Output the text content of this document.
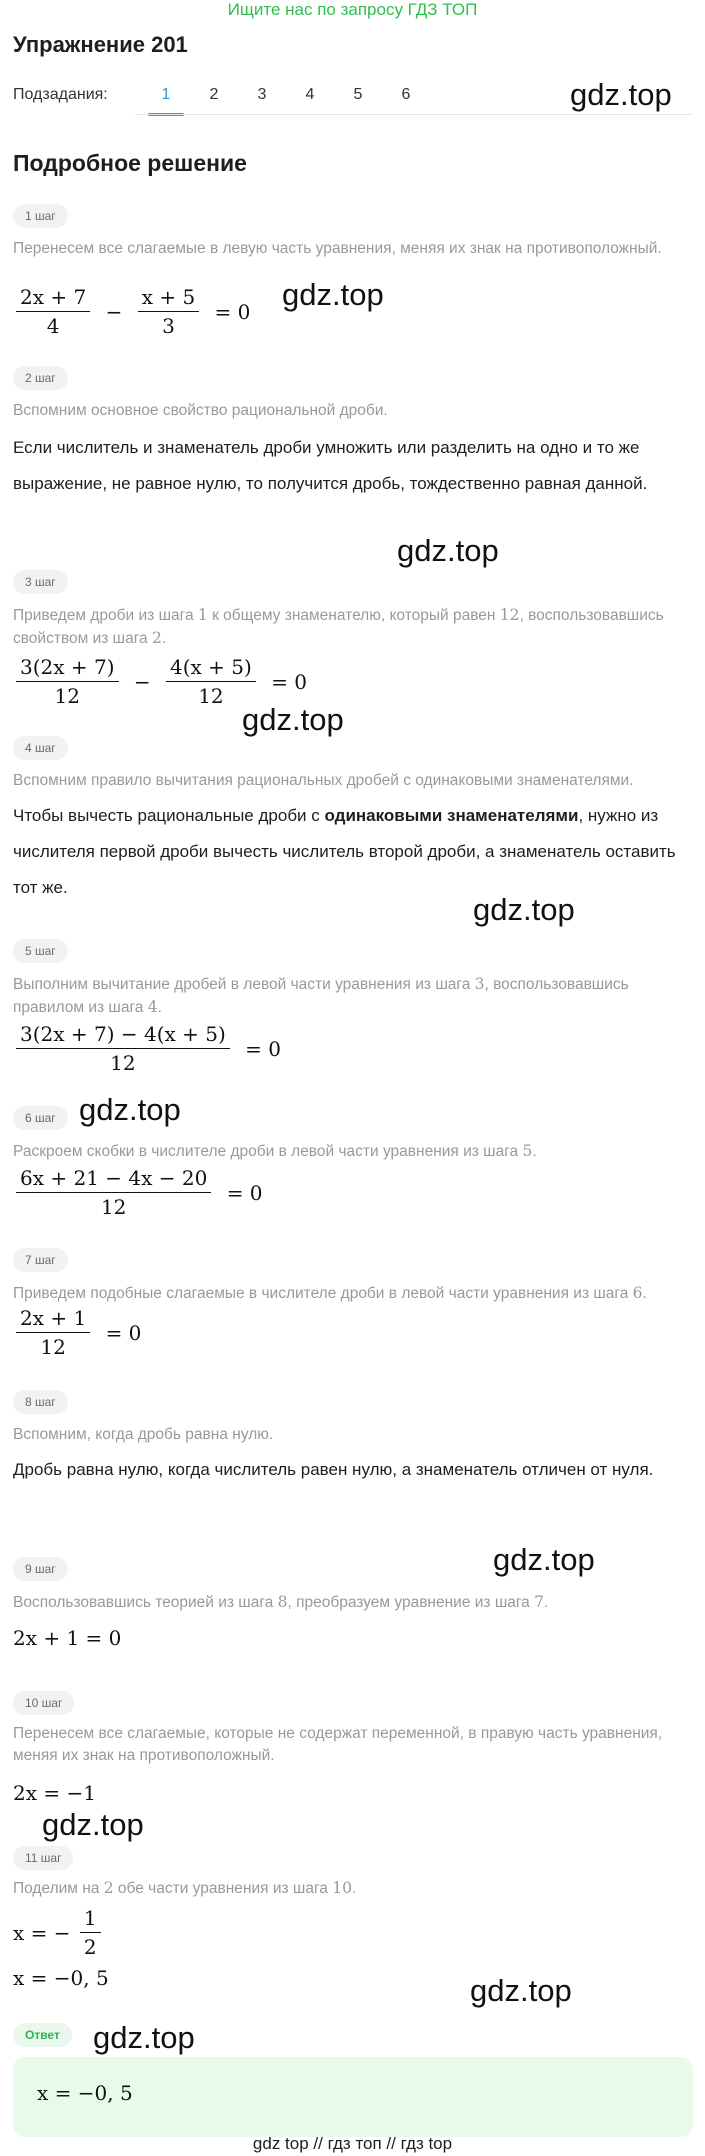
Ищите нас по запросу ГДЗ ТОП
Упражнение 201
Подзадания:	1	2	3	4	5	6	gdz.top
gdz.top
gdz.top
gdz.top
gdz.top
gdz.top
gdz.top
gdz.top
gdz.top
gdz.top
Подробное решение
1 шаг
Перенесем все слагаемые в левую часть уравнения, меняя их знак на противоположный.
$\frac{2x + 7}{4} - \frac{x + 5}{3} = 0$
2 шаг
Вспомним основное свойство рациональной дроби.
Если числитель и знаменатель дроби умножить или разделить на одно и то же выражение, не равное нулю, то получится дробь, тождественно равная данной.
3 шаг
Приведем дроби из шага 1 к общему знаменателю, который равен 12, воспользовавшись свойством из шага 2.
$\frac{3(2x + 7)}{12} - \frac{4(x + 5)}{12} = 0$
4 шаг
Вспомним правило вычитания рациональных дробей с одинаковыми знаменателями.
Чтобы вычесть рациональные дроби с одинаковыми знаменателями, нужно из числителя первой дроби вычесть числитель второй дроби, а знаменатель оставить тот же.
5 шаг
Выполним вычитание дробей в левой части уравнения из шага 3, воспользовавшись правилом из шага 4.
$\frac{3(2x + 7) - 4(x + 5)}{12} = 0$
6 шаг
Раскроем скобки в числителе дроби в левой части уравнения из шага 5.
$\frac{6x + 21 - 4x - 20}{12} = 0$
7 шаг
Приведем подобные слагаемые в числителе дроби в левой части уравнения из шага 6.
$\frac{2x + 1}{12} = 0$
8 шаг
Вспомним, когда дробь равна нулю.
Дробь равна нулю, когда числитель равен нулю, а знаменатель отличен от нуля.
9 шаг
Воспользовавшись теорией из шага 8, преобразуем уравнение из шага 7.
2x + 1 = 0
10 шаг
Перенесем все слагаемые, которые не содержат переменной, в правую часть уравнения, меняя их знак на противоположный.
2x = −1
11 шаг
Поделим на 2 обе части уравнения из шага 10.
x = − $\frac{1}{2}$
x = −0, 5
Ответ
x = −0, 5
gdz top // гдз топ // гдз top
